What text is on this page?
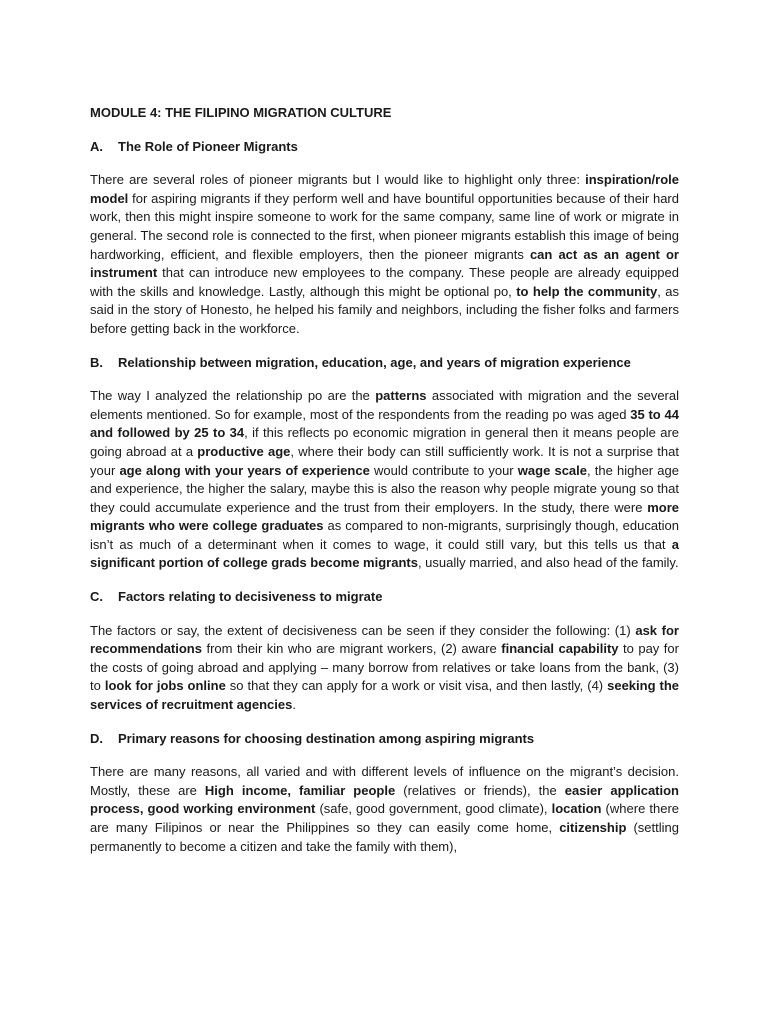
MODULE 4: THE FILIPINO MIGRATION CULTURE
A.	The Role of Pioneer Migrants

There are several roles of pioneer migrants but I would like to highlight only three: inspiration/role model for aspiring migrants if they perform well and have bountiful opportunities because of their hard work, then this might inspire someone to work for the same company, same line of work or migrate in general. The second role is connected to the first, when pioneer migrants establish this image of being hardworking, efficient, and flexible employers, then the pioneer migrants can act as an agent or instrument that can introduce new employees to the company. These people are already equipped with the skills and knowledge. Lastly, although this might be optional po, to help the community, as said in the story of Honesto, he helped his family and neighbors, including the fisher folks and farmers before getting back in the workforce.

B.	Relationship between migration, education, age, and years of migration experience

The way I analyzed the relationship po are the patterns associated with migration and the several elements mentioned. So for example, most of the respondents from the reading po was aged 35 to 44 and followed by 25 to 34, if this reflects po economic migration in general then it means people are going abroad at a productive age, where their body can still sufficiently work. It is not a surprise that your age along with your years of experience would contribute to your wage scale, the higher age and experience, the higher the salary, maybe this is also the reason why people migrate young so that they could accumulate experience and the trust from their employers. In the study, there were more migrants who were college graduates as compared to non-migrants, surprisingly though, education isn’t as much of a determinant when it comes to wage, it could still vary, but this tells us that a significant portion of college grads become migrants, usually married, and also head of the family.

C.	Factors relating to decisiveness to migrate

The factors or say, the extent of decisiveness can be seen if they consider the following: (1) ask for recommendations from their kin who are migrant workers, (2) aware financial capability to pay for the costs of going abroad and applying – many borrow from relatives or take loans from the bank, (3) to look for jobs online so that they can apply for a work or visit visa, and then lastly, (4) seeking the services of recruitment agencies.

D.	Primary reasons for choosing destination among aspiring migrants

There are many reasons, all varied and with different levels of influence on the migrant’s decision. Mostly, these are High income, familiar people (relatives or friends), the easier application process, good working environment (safe, good government, good climate), location (where there are many Filipinos or near the Philippines so they can easily come home, citizenship (settling permanently to become a citizen and take the family with them),
